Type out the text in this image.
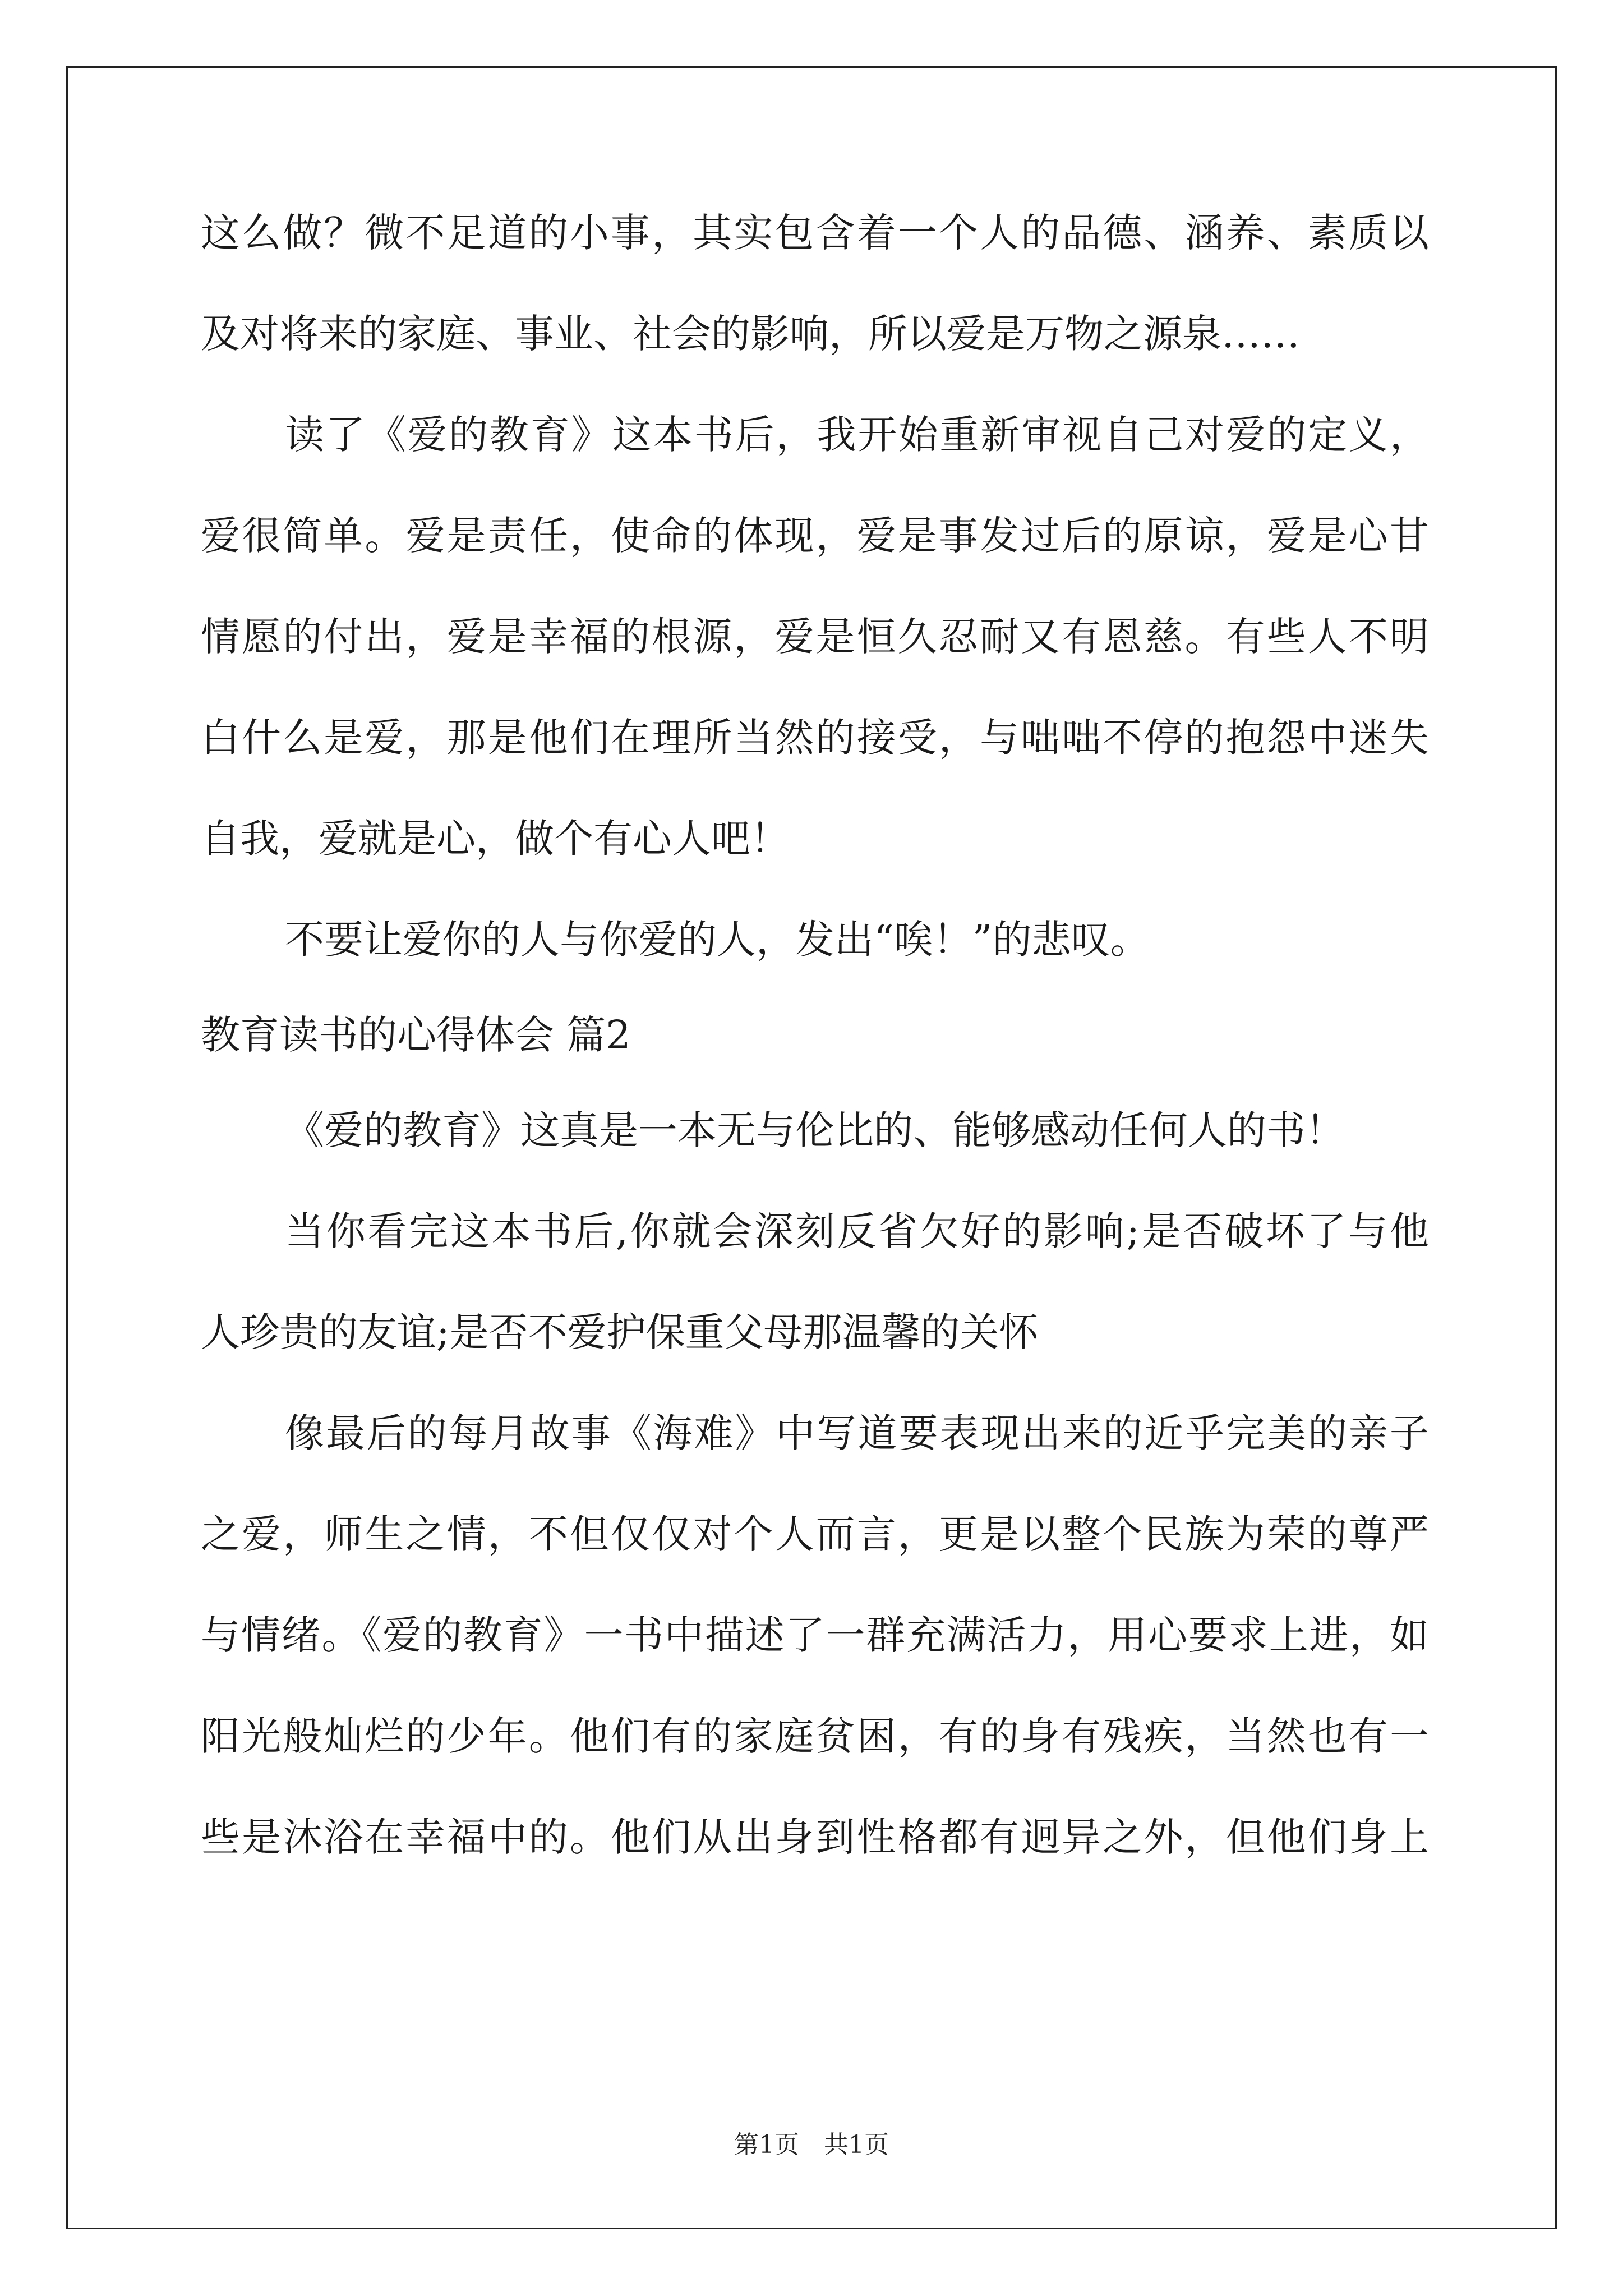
这么做？微不足道的小事，其实包含着一个人的品德、涵养、素质以
及对将来的家庭、事业、社会的影响，所以爱是万物之源泉……
读了《爱的教育》这本书后，我开始重新审视自己对爱的定义，
爱很简单。爱是责任，使命的体现，爱是事发过后的原谅，爱是心甘
情愿的付出，爱是幸福的根源，爱是恒久忍耐又有恩慈。有些人不明
白什么是爱，那是他们在理所当然的接受，与咄咄不停的抱怨中迷失
自我，爱就是心，做个有心人吧！
不要让爱你的人与你爱的人，发出“唉！”的悲叹。
教育读书的心得体会 篇2
《爱的教育》这真是一本无与伦比的、能够感动任何人的书！
当你看完这本书后,你就会深刻反省欠好的影响;是否破坏了与他
人珍贵的友谊;是否不爱护保重父母那温馨的关怀
像最后的每月故事《海难》中写道要表现出来的近乎完美的亲子
之爱，师生之情，不但仅仅对个人而言，更是以整个民族为荣的尊严
与情绪。《爱的教育》一书中描述了一群充满活力，用心要求上进，如
阳光般灿烂的少年。他们有的家庭贫困，有的身有残疾，当然也有一
些是沐浴在幸福中的。他们从出身到性格都有迥异之外，但他们身上
第1页　共1页
